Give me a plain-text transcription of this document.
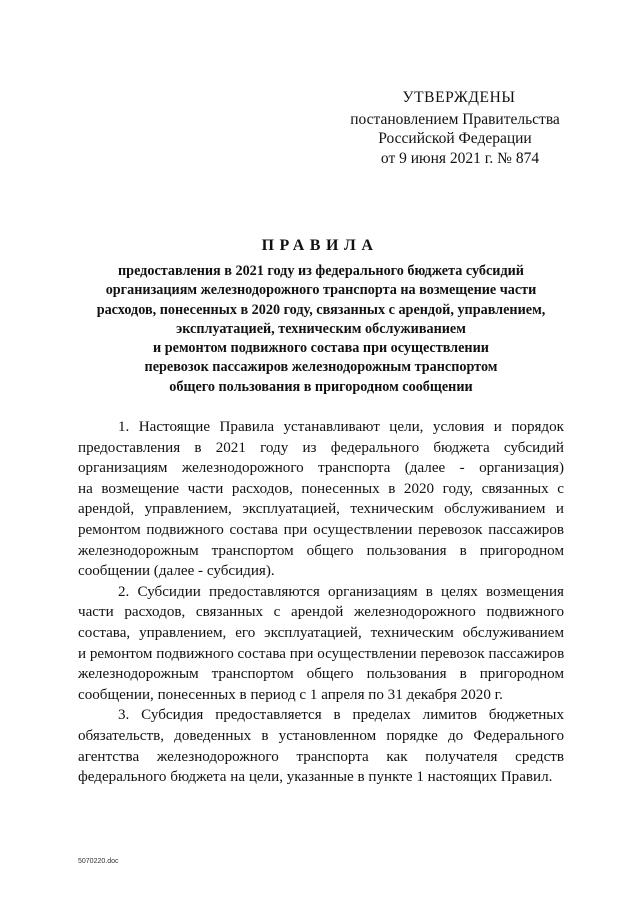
УТВЕРЖДЕНЫ
постановлением Правительства
Российской Федерации
от 9 июня 2021 г. № 874
ПРАВИЛА
предоставления в 2021 году из федерального бюджета субсидий
организациям железнодорожного транспорта на возмещение части
расходов, понесенных в 2020 году, связанных с арендой, управлением,
эксплуатацией, техническим обслуживанием
и ремонтом подвижного состава при осуществлении
перевозок пассажиров железнодорожным транспортом
общего пользования в пригородном сообщении
1. Настоящие Правила устанавливают цели, условия и порядок
предоставления в 2021 году из федерального бюджета субсидий
организациям железнодорожного транспорта (далее - организация)
на возмещение части расходов, понесенных в 2020 году, связанных с
арендой, управлением, эксплуатацией, техническим обслуживанием и
ремонтом подвижного состава при осуществлении перевозок пассажиров
железнодорожным транспортом общего пользования в пригородном
сообщении (далее - субсидия).
2. Субсидии предоставляются организациям в целях возмещения
части расходов, связанных с арендой железнодорожного подвижного
состава, управлением, его эксплуатацией, техническим обслуживанием
и ремонтом подвижного состава при осуществлении перевозок пассажиров
железнодорожным транспортом общего пользования в пригородном
сообщении, понесенных в период с 1 апреля по 31 декабря 2020 г.
3. Субсидия предоставляется в пределах лимитов бюджетных
обязательств, доведенных в установленном порядке до Федерального
агентства железнодорожного транспорта как получателя средств
федерального бюджета на цели, указанные в пункте 1 настоящих Правил.
5070220.doc
